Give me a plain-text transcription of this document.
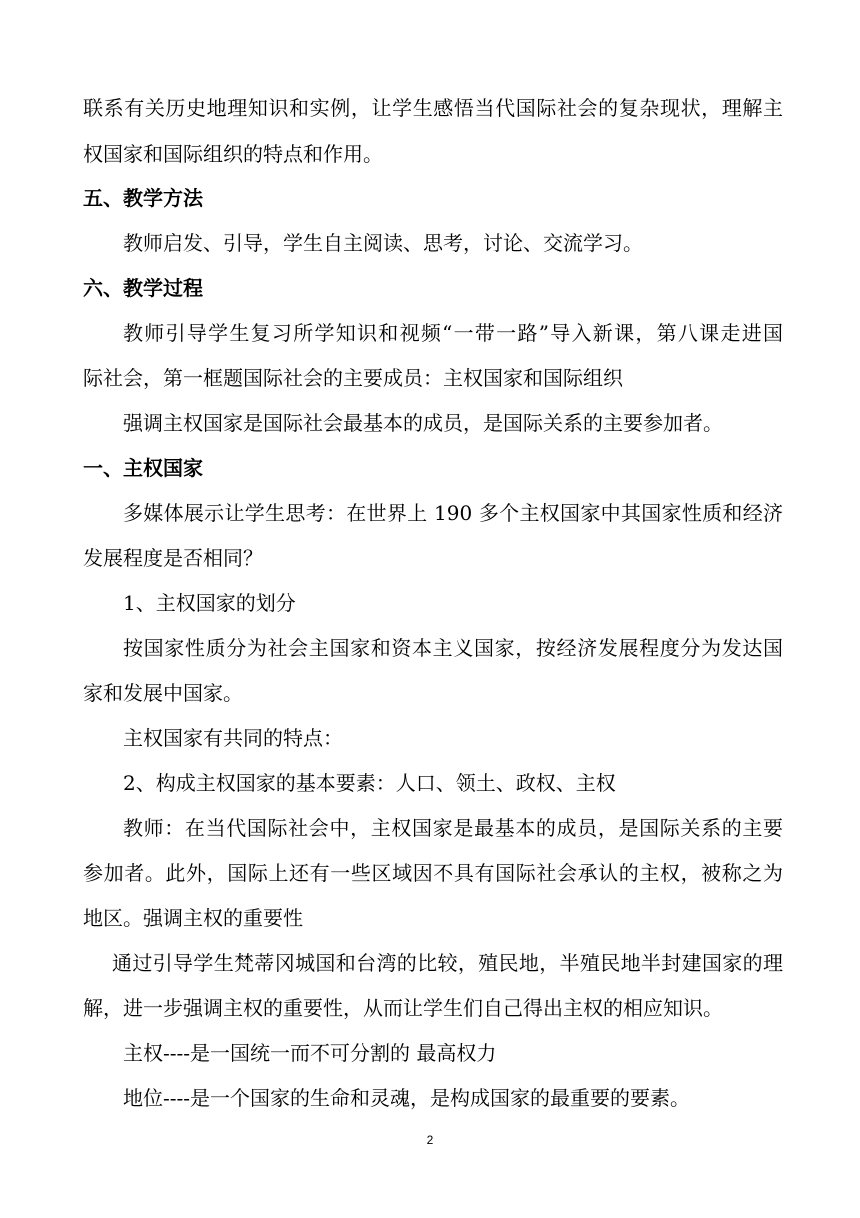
联系有关历史地理知识和实例，让学生感悟当代国际社会的复杂现状，理解主
权国家和国际组织的特点和作用。
五、教学方法
教师启发、引导，学生自主阅读、思考，讨论、交流学习。
六、教学过程
教师引导学生复习所学知识和视频“一带一路”导入新课，第八课走进国
际社会，第一框题国际社会的主要成员：主权国家和国际组织
强调主权国家是国际社会最基本的成员，是国际关系的主要参加者。
一、主权国家
多媒体展示让学生思考：在世界上 190 多个主权国家中其国家性质和经济
发展程度是否相同？
1、主权国家的划分
按国家性质分为社会主国家和资本主义国家，按经济发展程度分为发达国
家和发展中国家。
主权国家有共同的特点：
2、构成主权国家的基本要素：人口、领土、政权、主权
教师：在当代国际社会中，主权国家是最基本的成员，是国际关系的主要
参加者。此外，国际上还有一些区域因不具有国际社会承认的主权，被称之为
地区。强调主权的重要性
通过引导学生梵蒂冈城国和台湾的比较，殖民地，半殖民地半封建国家的理
解，进一步强调主权的重要性，从而让学生们自己得出主权的相应知识。
主权----是一国统一而不可分割的 最高权力
地位----是一个国家的生命和灵魂，是构成国家的最重要的要素。
2
